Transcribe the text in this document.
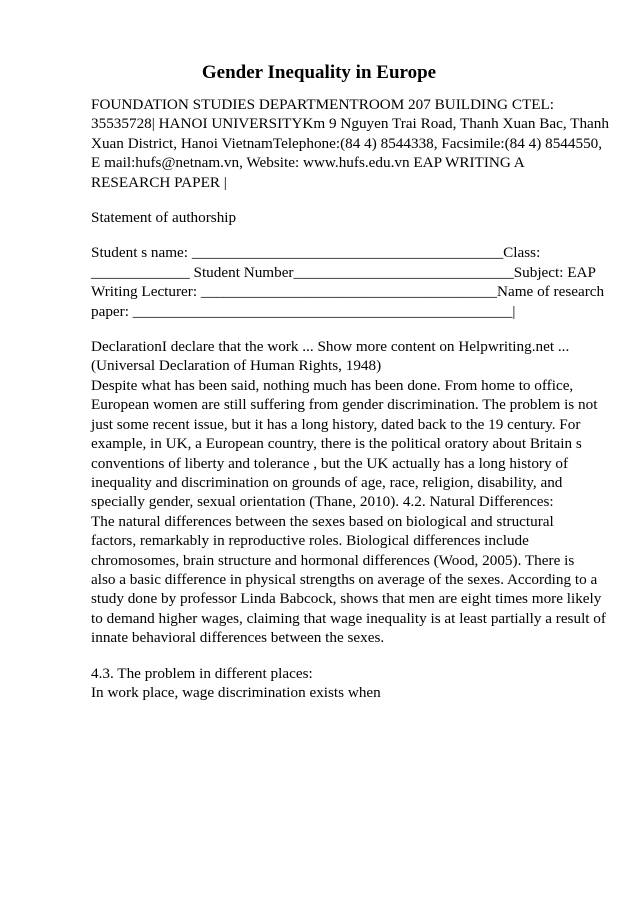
Gender Inequality in Europe
FOUNDATION STUDIES DEPARTMENTROOM 207 BUILDING CTEL:
35535728| HANOI UNIVERSITYKm 9 Nguyen Trai Road, Thanh Xuan Bac, Thanh
Xuan District, Hanoi VietnamTelephone:(84 4) 8544338, Facsimile:(84 4) 8544550,
E mail:hufs@netnam.vn, Website: www.hufs.edu.vn EAP WRITING A
RESEARCH PAPER |
Statement of authorship
Student s name: _________________________________________Class:
_____________ Student Number_____________________________Subject: EAP
Writing Lecturer: _______________________________________Name of research
paper: __________________________________________________|
DeclarationI declare that the work ... Show more content on Helpwriting.net ...
(Universal Declaration of Human Rights, 1948)
Despite what has been said, nothing much has been done. From home to office,
European women are still suffering from gender discrimination. The problem is not
just some recent issue, but it has a long history, dated back to the 19 century. For
example, in UK, a European country, there is the political oratory about Britain s
conventions of liberty and tolerance , but the UK actually has a long history of
inequality and discrimination on grounds of age, race, religion, disability, and
specially gender, sexual orientation (Thane, 2010). 4.2. Natural Differences:
The natural differences between the sexes based on biological and structural
factors, remarkably in reproductive roles. Biological differences include
chromosomes, brain structure and hormonal differences (Wood, 2005). There is
also a basic difference in physical strengths on average of the sexes. According to a
study done by professor Linda Babcock, shows that men are eight times more likely
to demand higher wages, claiming that wage inequality is at least partially a result of
innate behavioral differences between the sexes.
4.3. The problem in different places:
In work place, wage discrimination exists when
